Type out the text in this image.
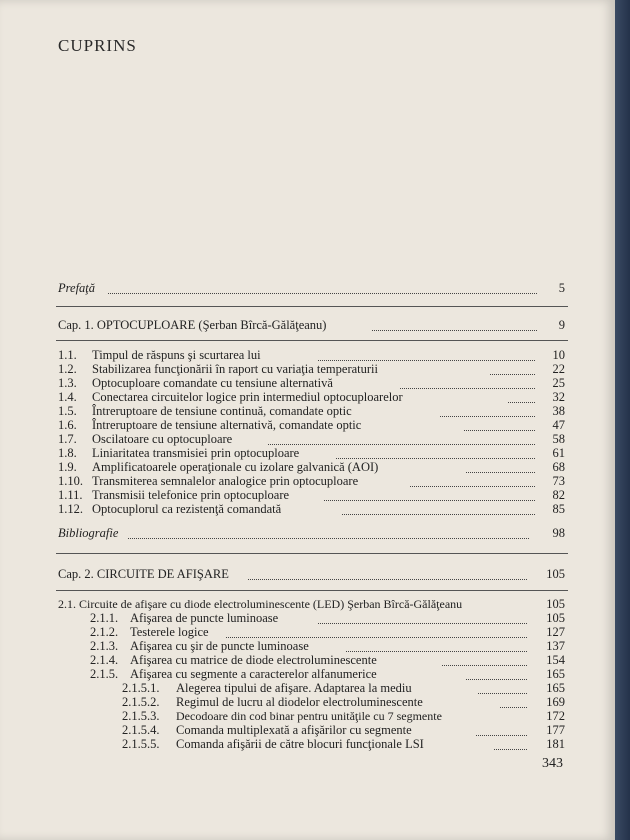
CUPRINS
Prefaţă	5
Cap. 1. OPTOCUPLOARE (Şerban Bîrcă-Gălăţeanu)	9
1.1. Timpul de răspuns şi scurtarea lui	10
1.2. Stabilizarea funcţionării în raport cu variaţia temperaturii	22
1.3. Optocuploare comandate cu tensiune alternativă	25
1.4. Conectarea circuitelor logice prin intermediul optocuploarelor	32
1.5. Întreruptoare de tensiune continuă, comandate optic	38
1.6. Întreruptoare de tensiune alternativă, comandate optic	47
1.7. Oscilatoare cu optocuploare	58
1.8. Liniaritatea transmisiei prin optocuploare	61
1.9. Amplificatoarele operaţionale cu izolare galvanică (AOI)	68
1.10. Transmiterea semnalelor analogice prin optocuploare	73
1.11. Transmisii telefonice prin optocuploare	82
1.12. Optocuplorul ca rezistenţă comandată	85
Bibliografie	98
Cap. 2. CIRCUITE DE AFIŞARE	105
2.1. Circuite de afişare cu diode electroluminescente (LED) Şerban Bîrcă-Gălăţeanu	105
2.1.1. Afişarea de puncte luminoase	105
2.1.2. Testerele logice	127
2.1.3. Afişarea cu şir de puncte luminoase	137
2.1.4. Afişarea cu matrice de diode electroluminescente	154
2.1.5. Afişarea cu segmente a caracterelor alfanumerice	165
2.1.5.1. Alegerea tipului de afişare. Adaptarea la mediu	165
2.1.5.2. Regimul de lucru al diodelor electroluminescente	169
2.1.5.3. Decodoare din cod binar pentru unităţile cu 7 segmente	172
2.1.5.4. Comanda multiplexată a afişărilor cu segmente	177
2.1.5.5. Comanda afişării de către blocuri funcţionale LSI	181
343
